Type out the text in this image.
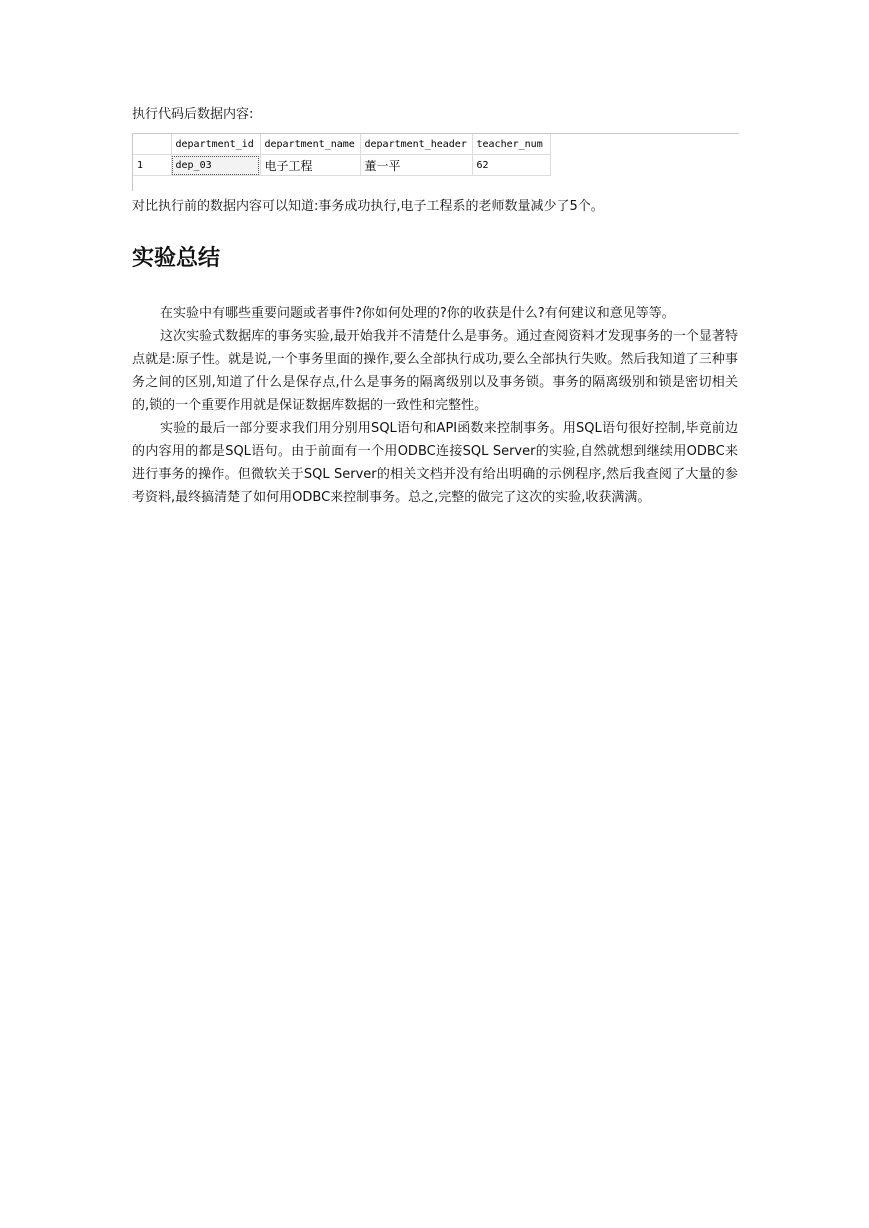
执行代码后数据内容:
	department_id	department_name	department_header	teacher_num
1	dep_03	电子工程	董一平	62
对比执行前的数据内容可以知道:事务成功执行,电子工程系的老师数量减少了5个。
实验总结

在实验中有哪些重要问题或者事件?你如何处理的?你的收获是什么?有何建议和意见等等。

这次实验式数据库的事务实验,最开始我并不清楚什么是事务。通过查阅资料才发现事务的一个显著特点就是:原子性。就是说,一个事务里面的操作,要么全部执行成功,要么全部执行失败。然后我知道了三种事务之间的区别,知道了什么是保存点,什么是事务的隔离级别以及事务锁。事务的隔离级别和锁是密切相关的,锁的一个重要作用就是保证数据库数据的一致性和完整性。

实验的最后一部分要求我们用分别用SQL语句和API函数来控制事务。用SQL语句很好控制,毕竟前边的内容用的都是SQL语句。由于前面有一个用ODBC连接SQL Server的实验,自然就想到继续用ODBC来进行事务的操作。但微软关于SQL Server的相关文档并没有给出明确的示例程序,然后我查阅了大量的参考资料,最终搞清楚了如何用ODBC来控制事务。总之,完整的做完了这次的实验,收获满满。
